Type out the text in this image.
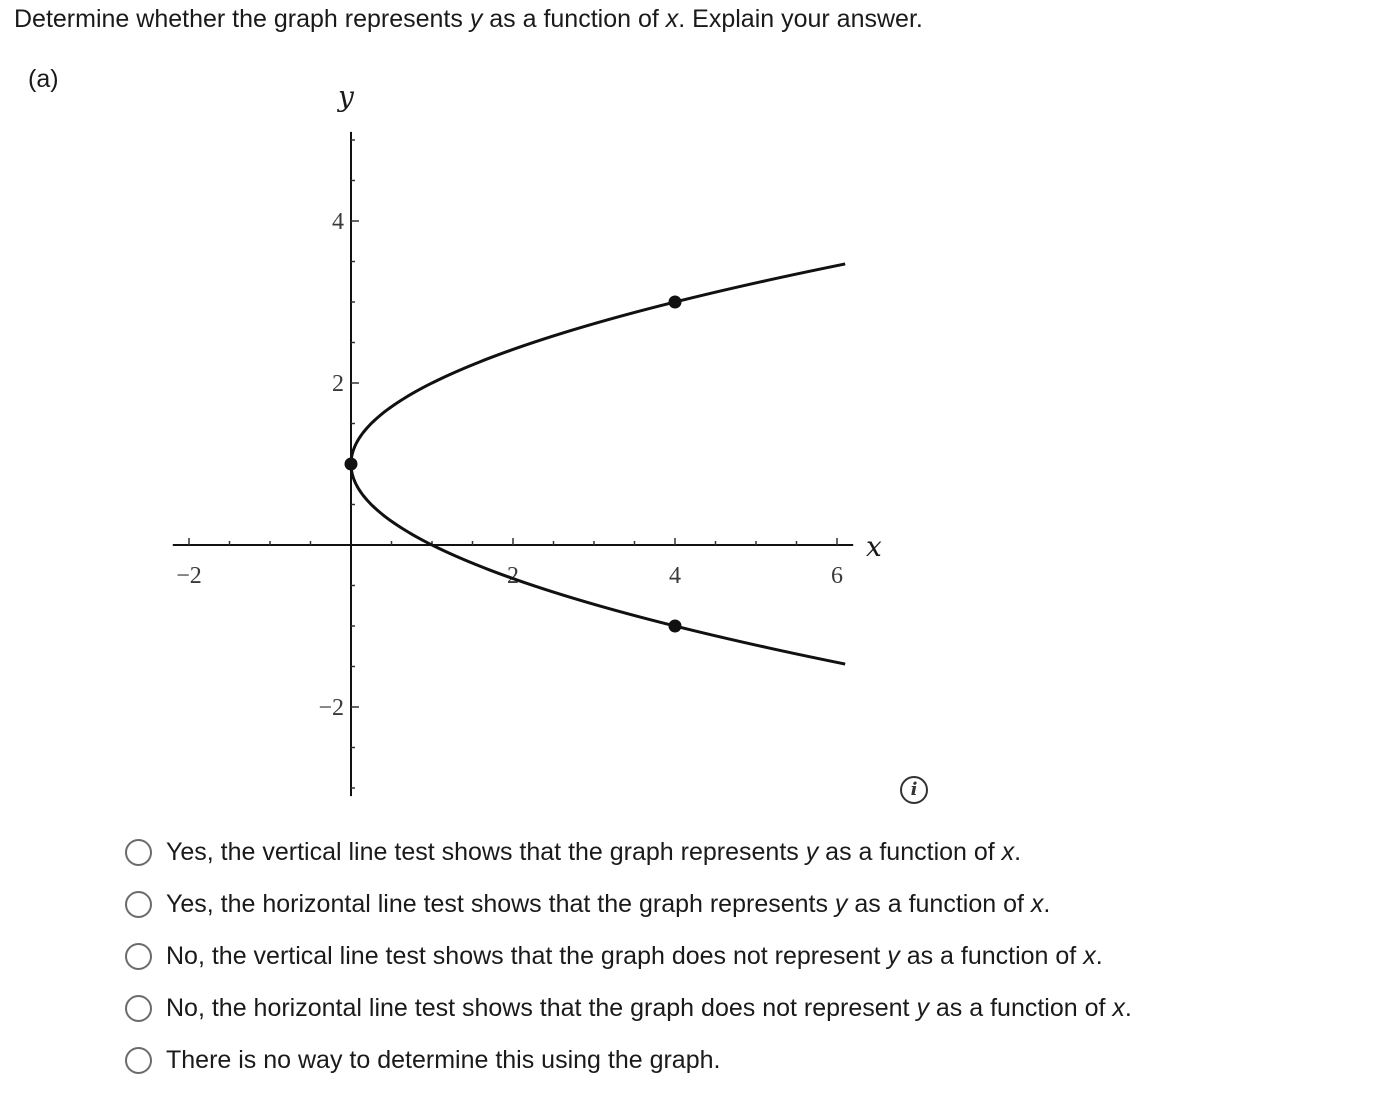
Determine whether the graph represents y as a function of x. Explain your answer.
(a)
−2	2	4	6
4
2
−2
x
y
i
Yes, the vertical line test shows that the graph represents y as a function of x.
Yes, the horizontal line test shows that the graph represents y as a function of x.
No, the vertical line test shows that the graph does not represent y as a function of x.
No, the horizontal line test shows that the graph does not represent y as a function of x.
There is no way to determine this using the graph.
